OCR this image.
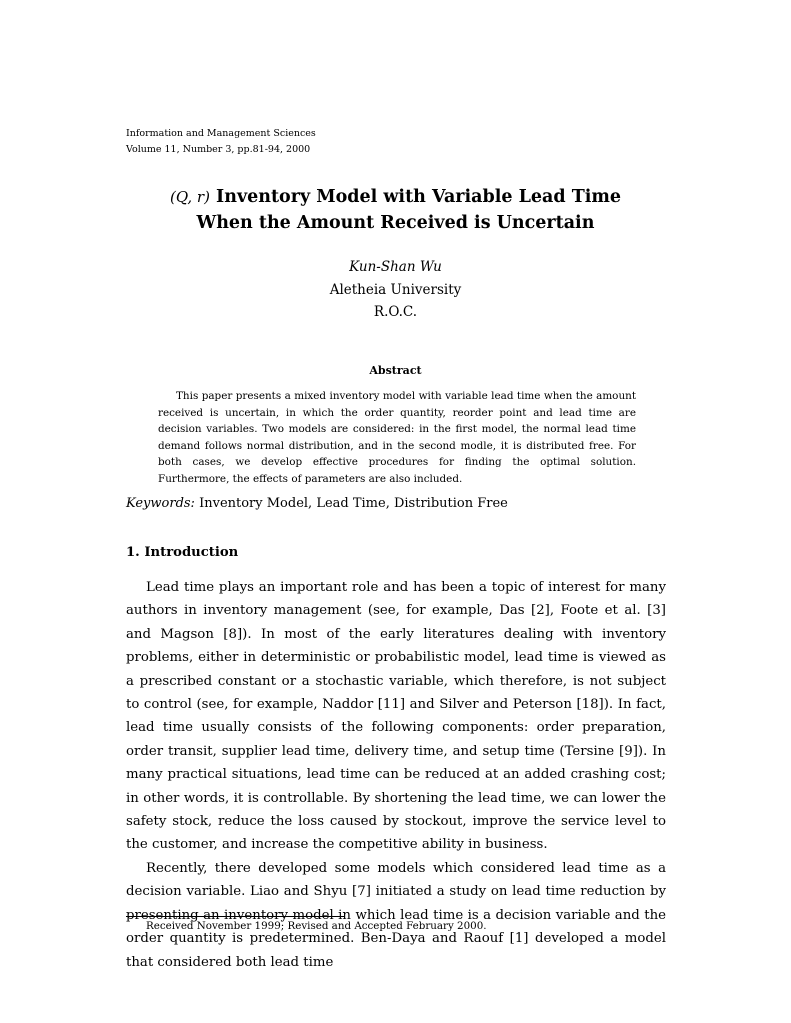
Information and Management Sciences
Volume 11, Number 3, pp.81-94, 2000
(Q, r) Inventory Model with Variable Lead Time
When the Amount Received is Uncertain
Kun-Shan Wu
Aletheia University
R.O.C.
Abstract
This paper presents a mixed inventory model with variable lead time when the amount received is uncertain, in which the order quantity, reorder point and lead time are decision variables. Two models are considered: in the first model, the normal lead time demand follows normal distribution, and in the second modle, it is distributed free. For both cases, we develop effective procedures for finding the optimal solution. Furthermore, the effects of parameters are also included.
Keywords: Inventory Model, Lead Time, Distribution Free
1. Introduction

Lead time plays an important role and has been a topic of interest for many authors in inventory management (see, for example, Das [2], Foote et al. [3] and Magson [8]). In most of the early literatures dealing with inventory problems, either in deterministic or probabilistic model, lead time is viewed as a prescribed constant or a stochastic variable, which therefore, is not subject to control (see, for example, Naddor [11] and Silver and Peterson [18]). In fact, lead time usually consists of the following components: order preparation, order transit, supplier lead time, delivery time, and setup time (Tersine [9]). In many practical situations, lead time can be reduced at an added crashing cost; in other words, it is controllable. By shortening the lead time, we can lower the safety stock, reduce the loss caused by stockout, improve the service level to the customer, and increase the competitive ability in business.

Recently, there developed some models which considered lead time as a decision variable. Liao and Shyu [7] initiated a study on lead time reduction by presenting an inventory model in which lead time is a decision variable and the order quantity is predetermined. Ben-Daya and Raouf [1] developed a model that considered both lead time

Received November 1999; Revised and Accepted February 2000.
